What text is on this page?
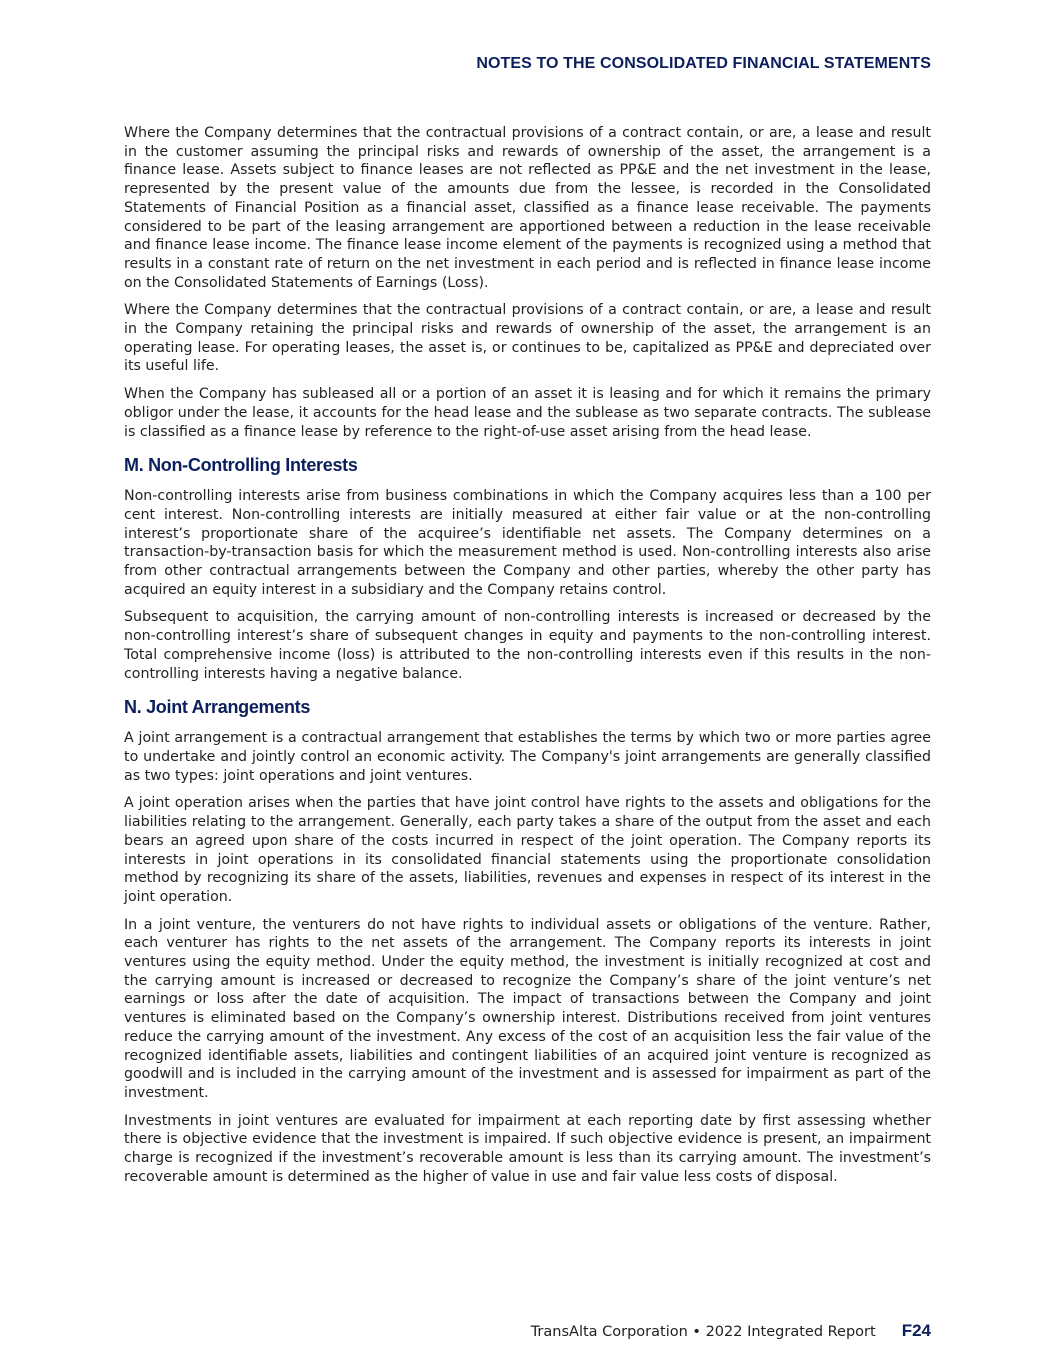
NOTES TO THE CONSOLIDATED FINANCIAL STATEMENTS

Where the Company determines that the contractual provisions of a contract contain, or are, a lease and result in the customer assuming the principal risks and rewards of ownership of the asset, the arrangement is a finance lease. Assets subject to finance leases are not reflected as PP&E and the net investment in the lease, represented by the present value of the amounts due from the lessee, is recorded in the Consolidated Statements of Financial Position as a financial asset, classified as a finance lease receivable. The payments considered to be part of the leasing arrangement are apportioned between a reduction in the lease receivable and finance lease income. The finance lease income element of the payments is recognized using a method that results in a constant rate of return on the net investment in each period and is reflected in finance lease income on the Consolidated Statements of Earnings (Loss).

Where the Company determines that the contractual provisions of a contract contain, or are, a lease and result in the Company retaining the principal risks and rewards of ownership of the asset, the arrangement is an operating lease. For operating leases, the asset is, or continues to be, capitalized as PP&E and depreciated over its useful life.

When the Company has subleased all or a portion of an asset it is leasing and for which it remains the primary obligor under the lease, it accounts for the head lease and the sublease as two separate contracts. The sublease is classified as a finance lease by reference to the right-of-use asset arising from the head lease.

M. Non-Controlling Interests

Non-controlling interests arise from business combinations in which the Company acquires less than a 100 per cent interest. Non-controlling interests are initially measured at either fair value or at the non-controlling interest’s proportionate share of the acquiree’s identifiable net assets. The Company determines on a transaction-by-transaction basis for which the measurement method is used. Non-controlling interests also arise from other contractual arrangements between the Company and other parties, whereby the other party has acquired an equity interest in a subsidiary and the Company retains control.

Subsequent to acquisition, the carrying amount of non-controlling interests is increased or decreased by the non-controlling interest’s share of subsequent changes in equity and payments to the non-controlling interest. Total comprehensive income (loss) is attributed to the non-controlling interests even if this results in the non-controlling interests having a negative balance.

N. Joint Arrangements

A joint arrangement is a contractual arrangement that establishes the terms by which two or more parties agree to undertake and jointly control an economic activity. The Company's joint arrangements are generally classified as two types: joint operations and joint ventures.

A joint operation arises when the parties that have joint control have rights to the assets and obligations for the liabilities relating to the arrangement. Generally, each party takes a share of the output from the asset and each bears an agreed upon share of the costs incurred in respect of the joint operation. The Company reports its interests in joint operations in its consolidated financial statements using the proportionate consolidation method by recognizing its share of the assets, liabilities, revenues and expenses in respect of its interest in the joint operation.

In a joint venture, the venturers do not have rights to individual assets or obligations of the venture. Rather, each venturer has rights to the net assets of the arrangement. The Company reports its interests in joint ventures using the equity method. Under the equity method, the investment is initially recognized at cost and the carrying amount is increased or decreased to recognize the Company’s share of the joint venture’s net earnings or loss after the date of acquisition. The impact of transactions between the Company and joint ventures is eliminated based on the Company’s ownership interest. Distributions received from joint ventures reduce the carrying amount of the investment. Any excess of the cost of an acquisition less the fair value of the recognized identifiable assets, liabilities and contingent liabilities of an acquired joint venture is recognized as goodwill and is included in the carrying amount of the investment and is assessed for impairment as part of the investment.

Investments in joint ventures are evaluated for impairment at each reporting date by first assessing whether there is objective evidence that the investment is impaired. If such objective evidence is present, an impairment charge is recognized if the investment’s recoverable amount is less than its carrying amount. The investment’s recoverable amount is determined as the higher of value in use and fair value less costs of disposal.

TransAlta Corporation • 2022 Integrated Report F24
